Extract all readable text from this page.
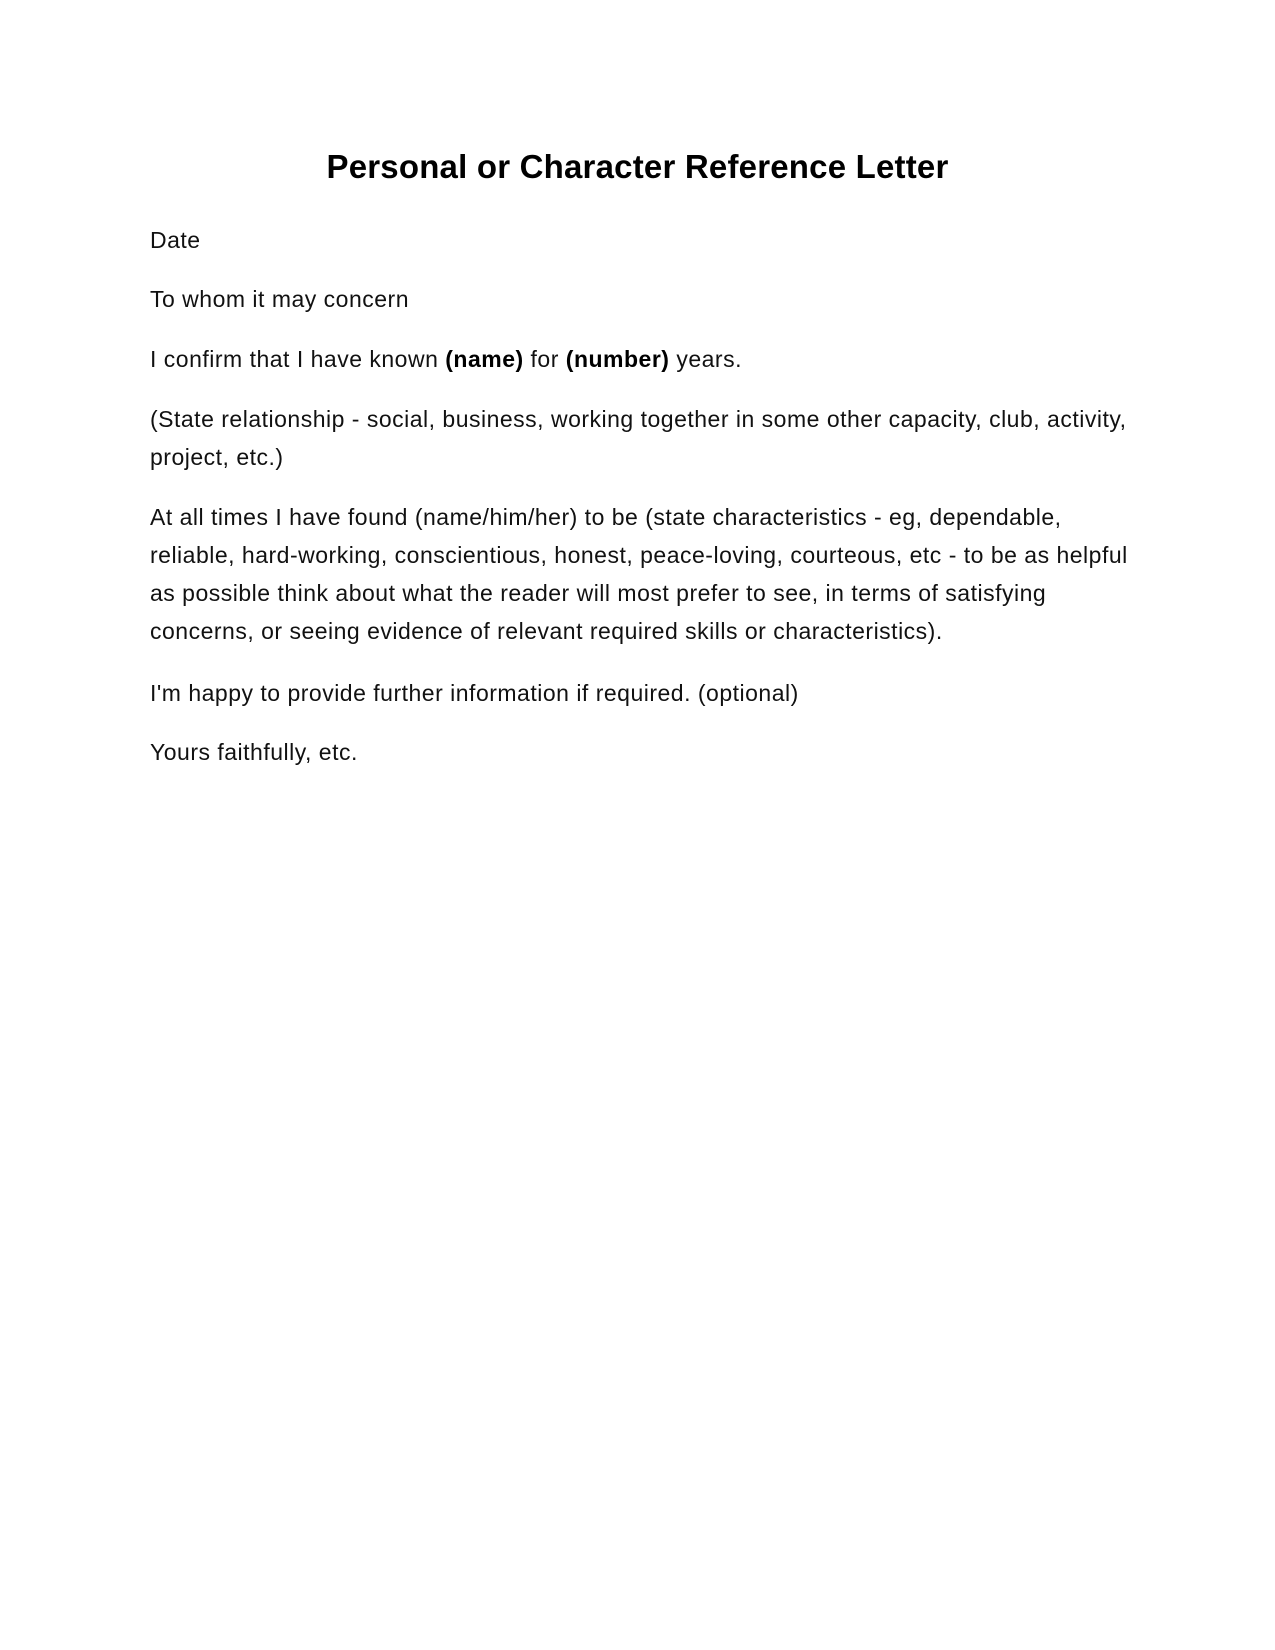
Personal or Character Reference Letter

Date

To whom it may concern

I confirm that I have known (name) for (number) years.

(State relationship - social, business, working together in some other capacity, club, activity, project, etc.)

At all times I have found (name/him/her) to be (state characteristics - eg, dependable, reliable, hard-working, conscientious, honest, peace-loving, courteous, etc - to be as helpful as possible think about what the reader will most prefer to see, in terms of satisfying concerns, or seeing evidence of relevant required skills or characteristics).

I'm happy to provide further information if required. (optional)

Yours faithfully, etc.
